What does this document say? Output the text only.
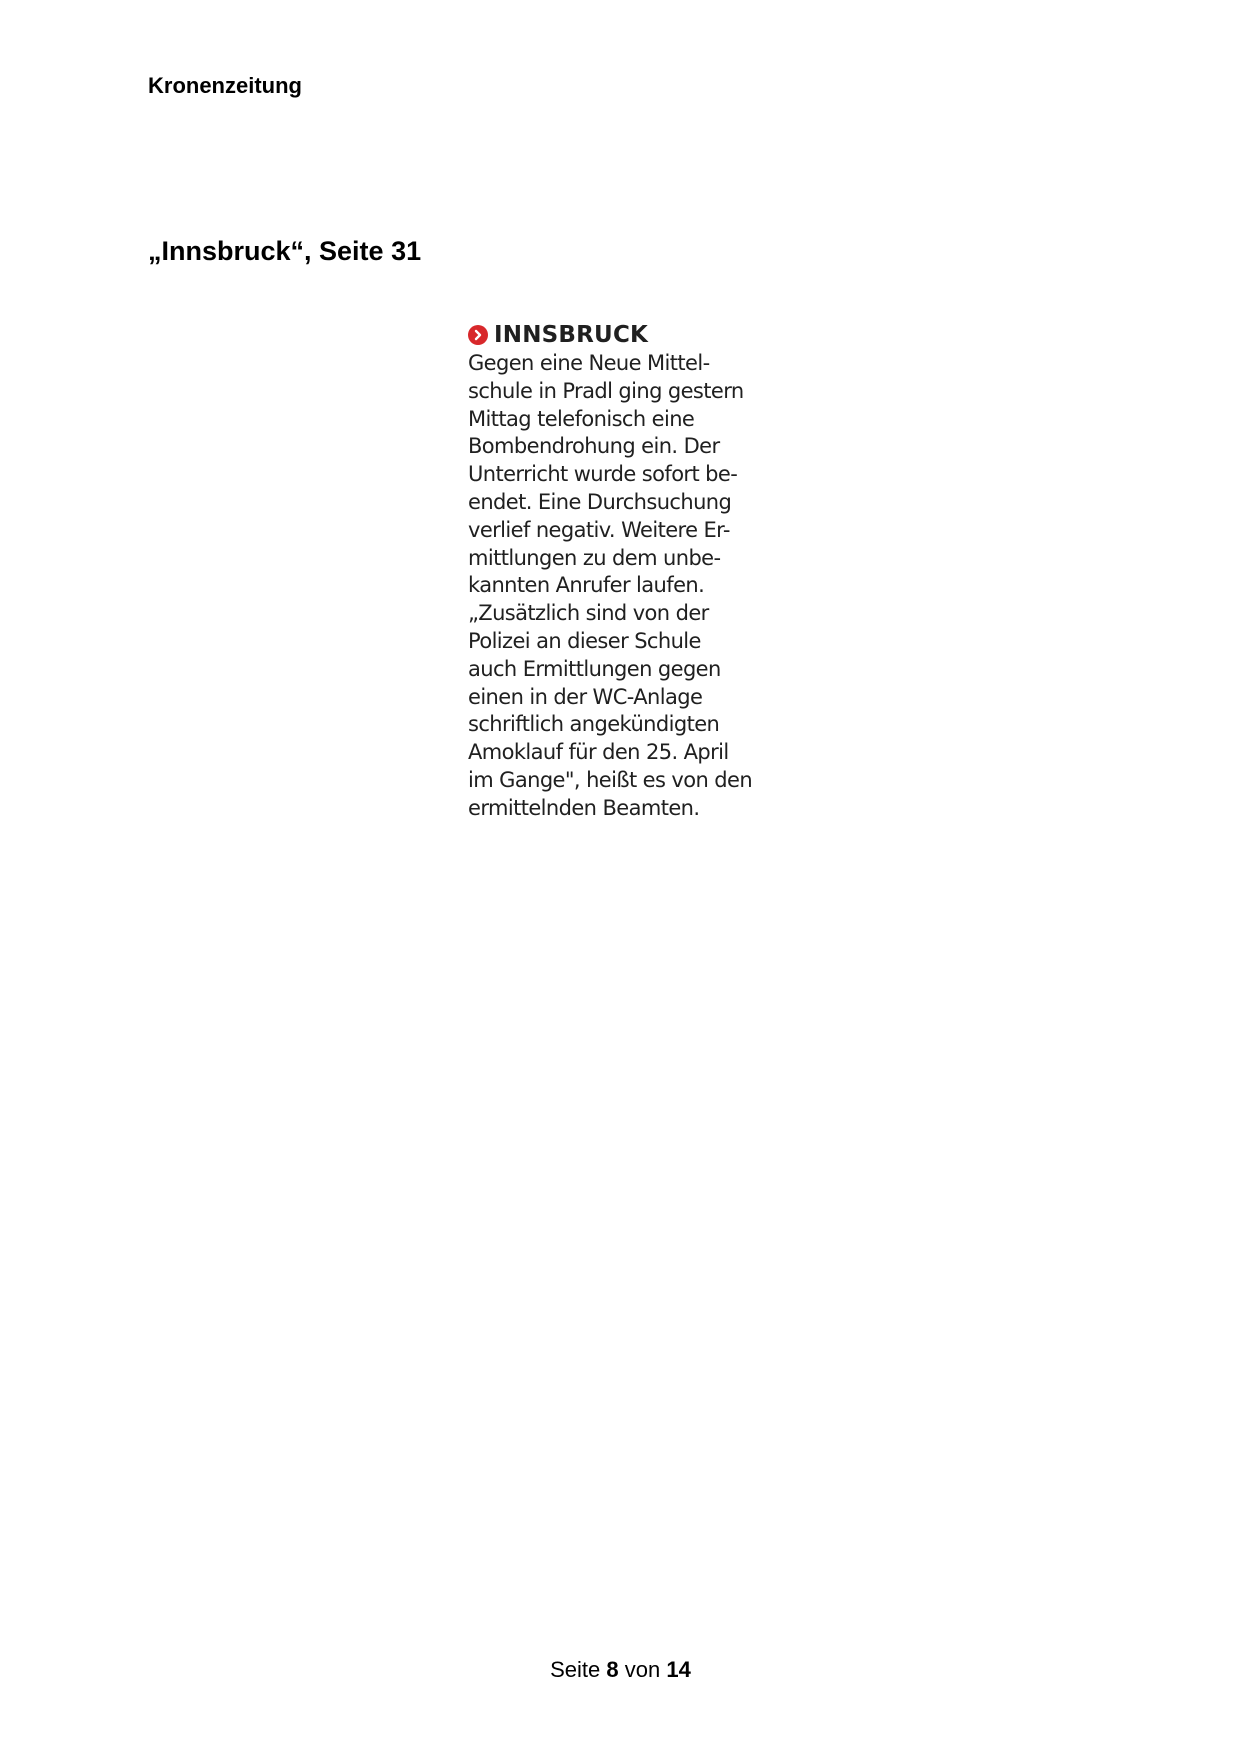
Kronenzeitung

„Innsbruck“, Seite 31
INNSBRUCK
Gegen eine Neue Mittel-
schule in Pradl ging gestern
Mittag telefonisch eine
Bombendrohung ein. Der
Unterricht wurde sofort be-
endet. Eine Durchsuchung
verlief negativ. Weitere Er-
mittlungen zu dem unbe-
kannten Anrufer laufen.
„Zusätzlich sind von der
Polizei an dieser Schule
auch Ermittlungen gegen
einen in der WC-Anlage
schriftlich angekündigten
Amoklauf für den 25. April
im Gange", heißt es von den
ermittelnden Beamten.

Seite 8 von 14
